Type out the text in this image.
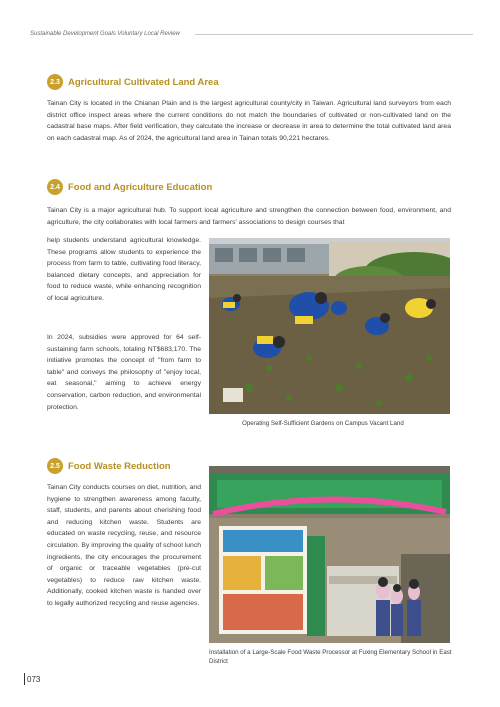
Sustainable Development Goals Voluntary Local Review
2.3 Agricultural Cultivated Land Area

Tainan City is located in the Chianan Plain and is the largest agricultural county/city in Taiwan. Agricultural land surveyors from each district office inspect areas where the current conditions do not match the boundaries of cultivated or non-cultivated land on the cadastral base maps. After field verification, they calculate the increase or decrease in area to determine the total cultivated land area on each cadastral map. As of 2024, the agricultural land area in Tainan totals 90,221 hectares.

2.4 Food and Agriculture Education

Tainan City is a major agricultural hub. To support local agriculture and strengthen the connection between food, environment, and agriculture, the city collaborates with local farmers and farmers' associations to design courses that

help students understand agricultural knowledge. These programs allow students to experience the process from farm to table, cultivating food literacy, balanced dietary concepts, and appreciation for food to reduce waste, while enhancing recognition of local agriculture.

In 2024, subsidies were approved for 64 self-sustaining farm schools, totaling NT$683,170. The initiative promotes the concept of "from farm to table" and conveys the philosophy of "enjoy local, eat seasonal," aiming to achieve energy conservation, carbon reduction, and environmental protection.

Operating Self-Sufficient Gardens on Campus Vacant Land
2.5 Food Waste Reduction

Tainan City conducts courses on diet, nutrition, and hygiene to strengthen awareness among faculty, staff, students, and parents about cherishing food and reducing kitchen waste. Students are educated on waste recycling, reuse, and resource circulation. By improving the quality of school lunch ingredients, the city encourages the procurement of organic or traceable vegetables (pre-cut vegetables) to reduce raw kitchen waste. Additionally, cooked kitchen waste is handed over to legally authorized recycling and reuse agencies.

Installation of a Large-Scale Food Waste Processor at Fuxing Elementary School in East District
073
